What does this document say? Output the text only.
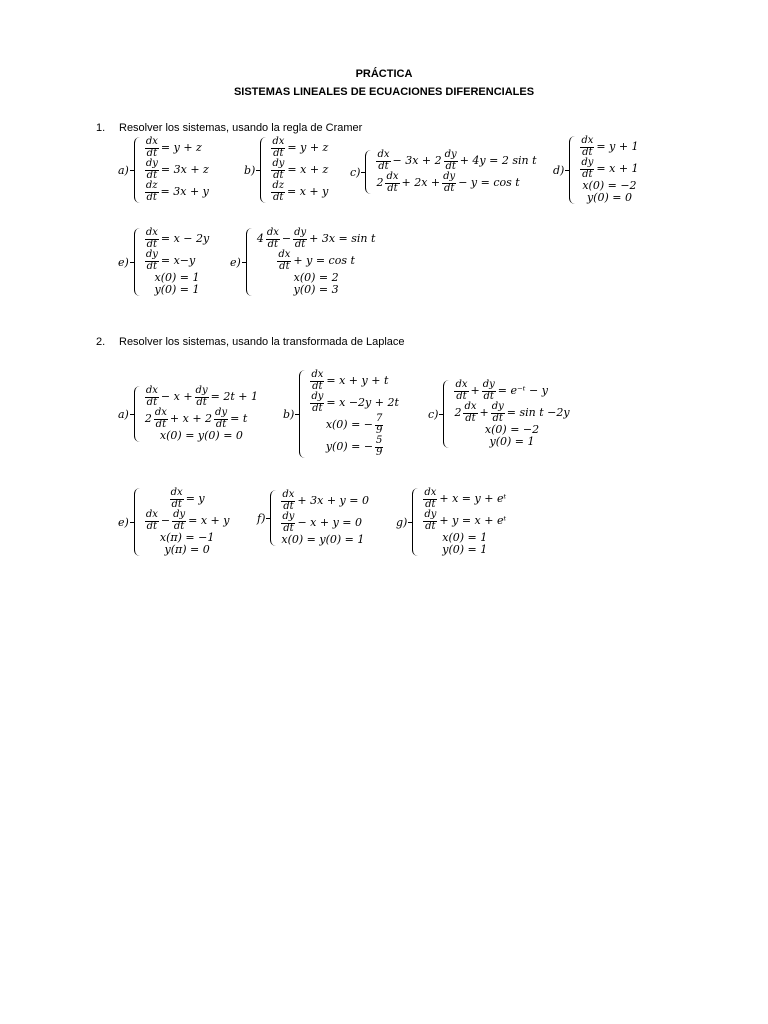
PRÁCTICA
SISTEMAS LINEALES DE ECUACIONES DIFERENCIALES
1. Resolver los sistemas, usando la regla de Cramer
2. Resolver los sistemas, usando la transformada de Laplace
a)
$\frac{dx}{dt} = y + z$
$\frac{dy}{dt} = 3x + z$
$\frac{dz}{dt} = 3x + y$
b)
$\frac{dx}{dt} = y + z$
$\frac{dy}{dt} = x + z$
$\frac{dz}{dt} = x + y$
$c) \frac{dx}{dt} - 3x + 2 \frac{dy}{dt} + 4y = 2$ sin t
$2 \frac{dx}{dt} + 2x + \frac{dy}{dt} - y = \cos t$
d)
$\frac{dx}{dt} = y + 1$
$\frac{dy}{dt} = x + 1$
x(0) = −2
y(0) = 0
e)
$\frac{dx}{dt} = x - 2y$
$\frac{dy}{dt} = x-y$
x(0) = 1
y(0) = 1
e)
$4 \frac{dx}{dt} - \frac{dy}{dt} + 3x = \sin t$
$\frac{dx}{dt} + y = \cos t$
x(0) = 2
y(0) = 3
a)
$\frac{dx}{dt} - x + \frac{dy}{dt} = 2t + 1$
$2 \frac{dx}{dt} + x + 2 \frac{dy}{dt} = t$
x(0) = y(0) = 0
b)
$\frac{dx}{dt} = x + y + t$
$\frac{dy}{dt} = x -2y + 2t$
x(0) = − $\frac{7}{9}$
y(0) = − $\frac{5}{9}$
c)
$\frac{dx}{dt} + \frac{dy}{dt}$ = e⁻ᵗ − y
$2 \frac{dx}{dt} + \frac{dy}{dt} = \sin t -2y$
x(0) = −2
y(0) = 1
e)
$\frac{dx}{dt} = y$
$\frac{dx}{dt} - \frac{dy}{dt} = x + y$
x(π) = −1
y(π) = 0
f)
$\frac{dx}{dt} + 3x + y = 0$
$\frac{dy}{dt} - x + y = 0$
x(0) = y(0) = 1
g)
$\frac{dx}{dt} + x = y$ + eᵗ
$\frac{dy}{dt} + y = x$ + eᵗ
x(0) = 1
y(0) = 1
